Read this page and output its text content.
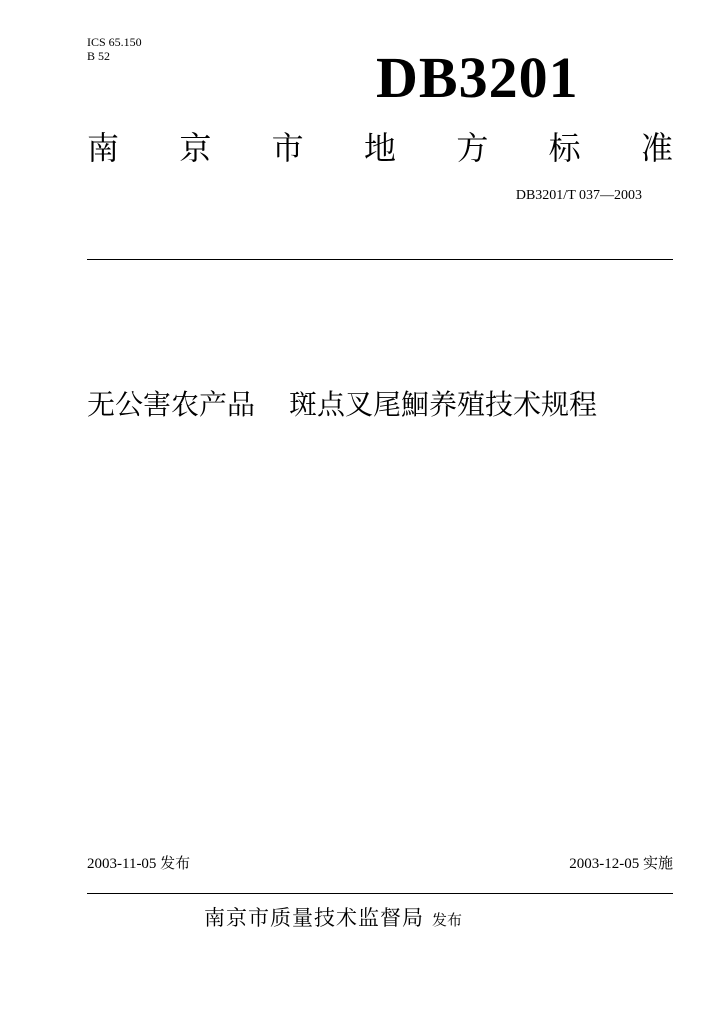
ICS 65.150
B 52	DB3201
南 京 市 地 方 标 准
DB3201/T 037—2003
无公害农产品 斑点叉尾鮰养殖技术规程
2003-11-05 发布	2003-12-05 实施
南京市质量技术监督局 发布
